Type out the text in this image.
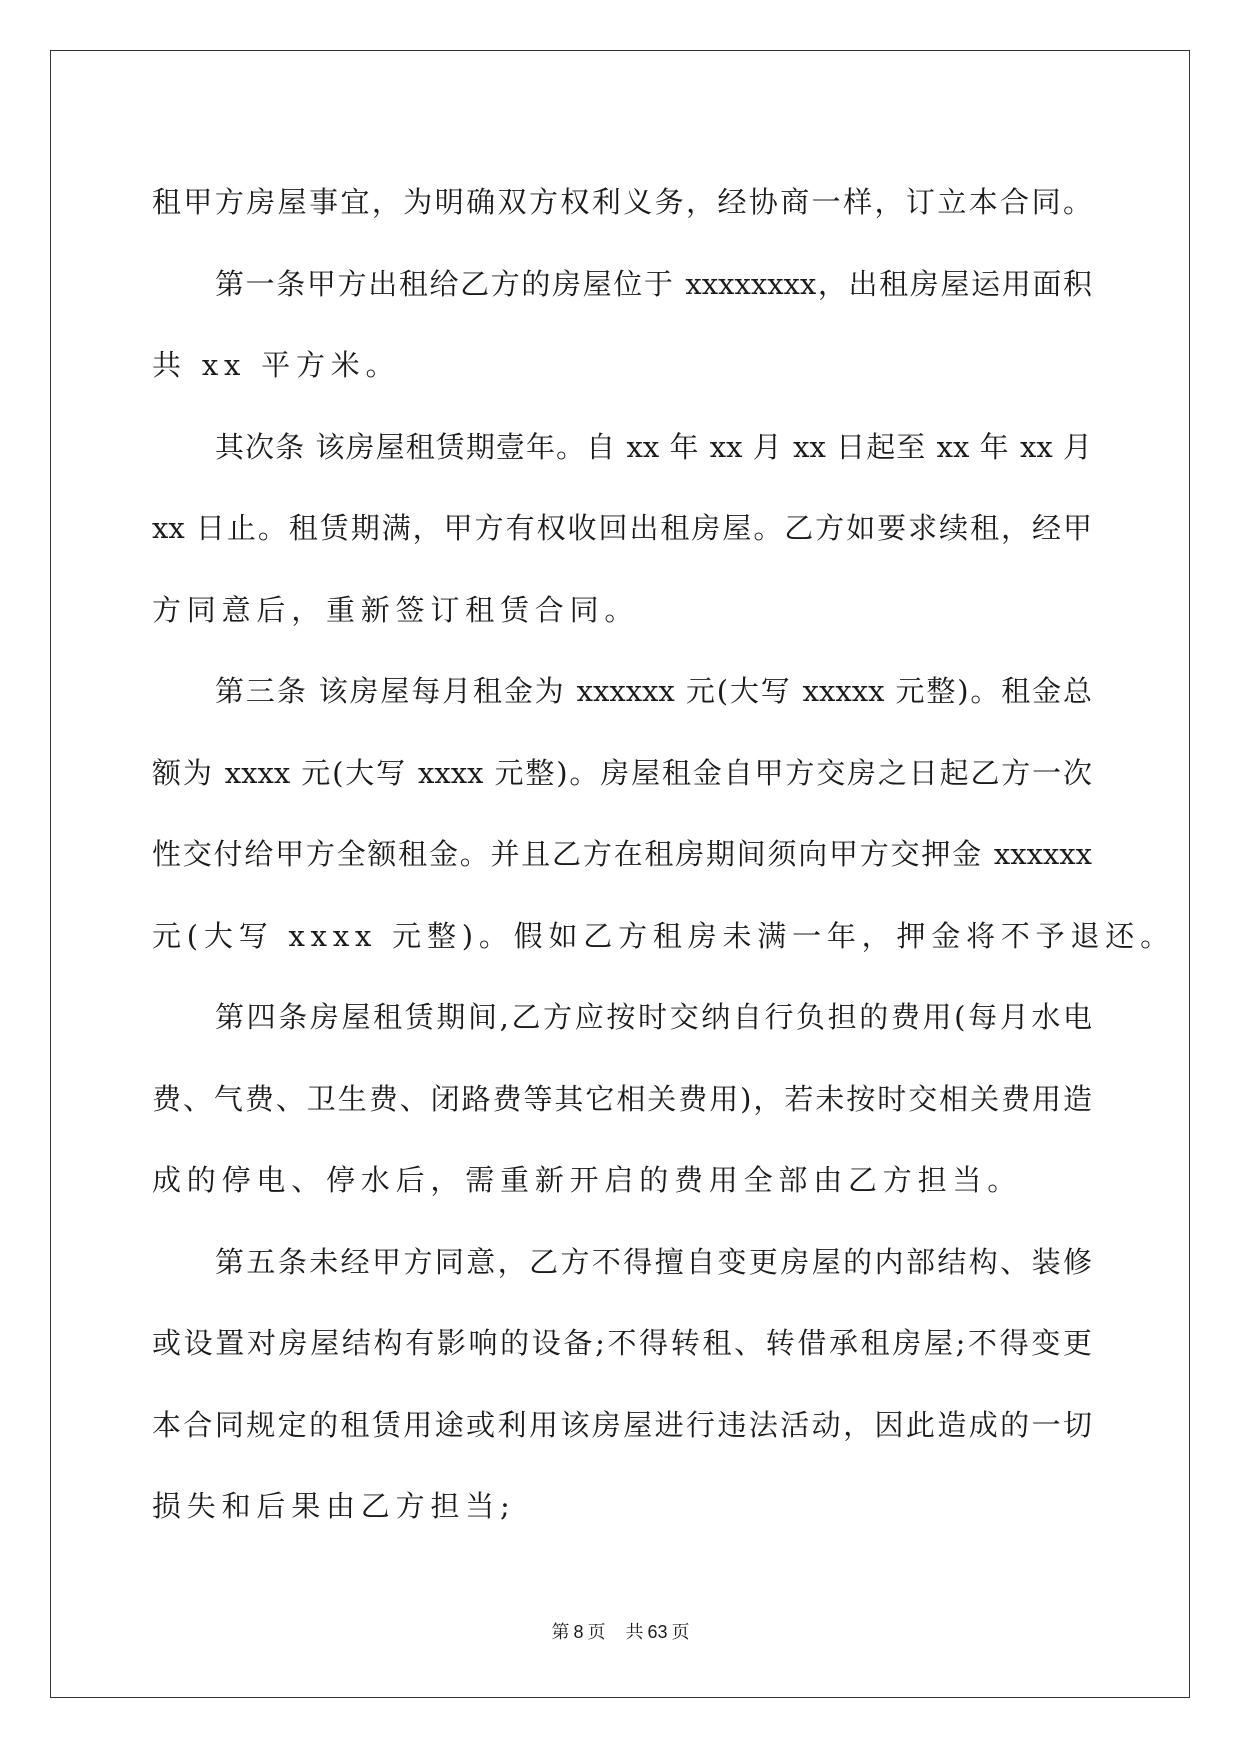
租甲方房屋事宜，为明确双方权利义务，经协商一样，订立本合同。
第一条甲方出租给乙方的房屋位于 xxxxxxxx，出租房屋运用面积
共 xx 平方米。
其次条 该房屋租赁期壹年。自 xx 年 xx 月 xx 日起至 xx 年 xx 月
xx 日止。租赁期满，甲方有权收回出租房屋。乙方如要求续租，经甲
方同意后，重新签订租赁合同。
第三条 该房屋每月租金为 xxxxxx 元(大写 xxxxx 元整)。租金总
额为 xxxx 元(大写 xxxx 元整)。房屋租金自甲方交房之日起乙方一次
性交付给甲方全额租金。并且乙方在租房期间须向甲方交押金 xxxxxx
元(大写 xxxx 元整)。假如乙方租房未满一年，押金将不予退还。
第四条房屋租赁期间,乙方应按时交纳自行负担的费用(每月水电
费、气费、卫生费、闭路费等其它相关费用)，若未按时交相关费用造
成的停电、停水后，需重新开启的费用全部由乙方担当。
第五条未经甲方同意，乙方不得擅自变更房屋的内部结构、装修
或设置对房屋结构有影响的设备;不得转租、转借承租房屋;不得变更
本合同规定的租赁用途或利用该房屋进行违法活动，因此造成的一切
损失和后果由乙方担当;
第 8 页 共 63 页
